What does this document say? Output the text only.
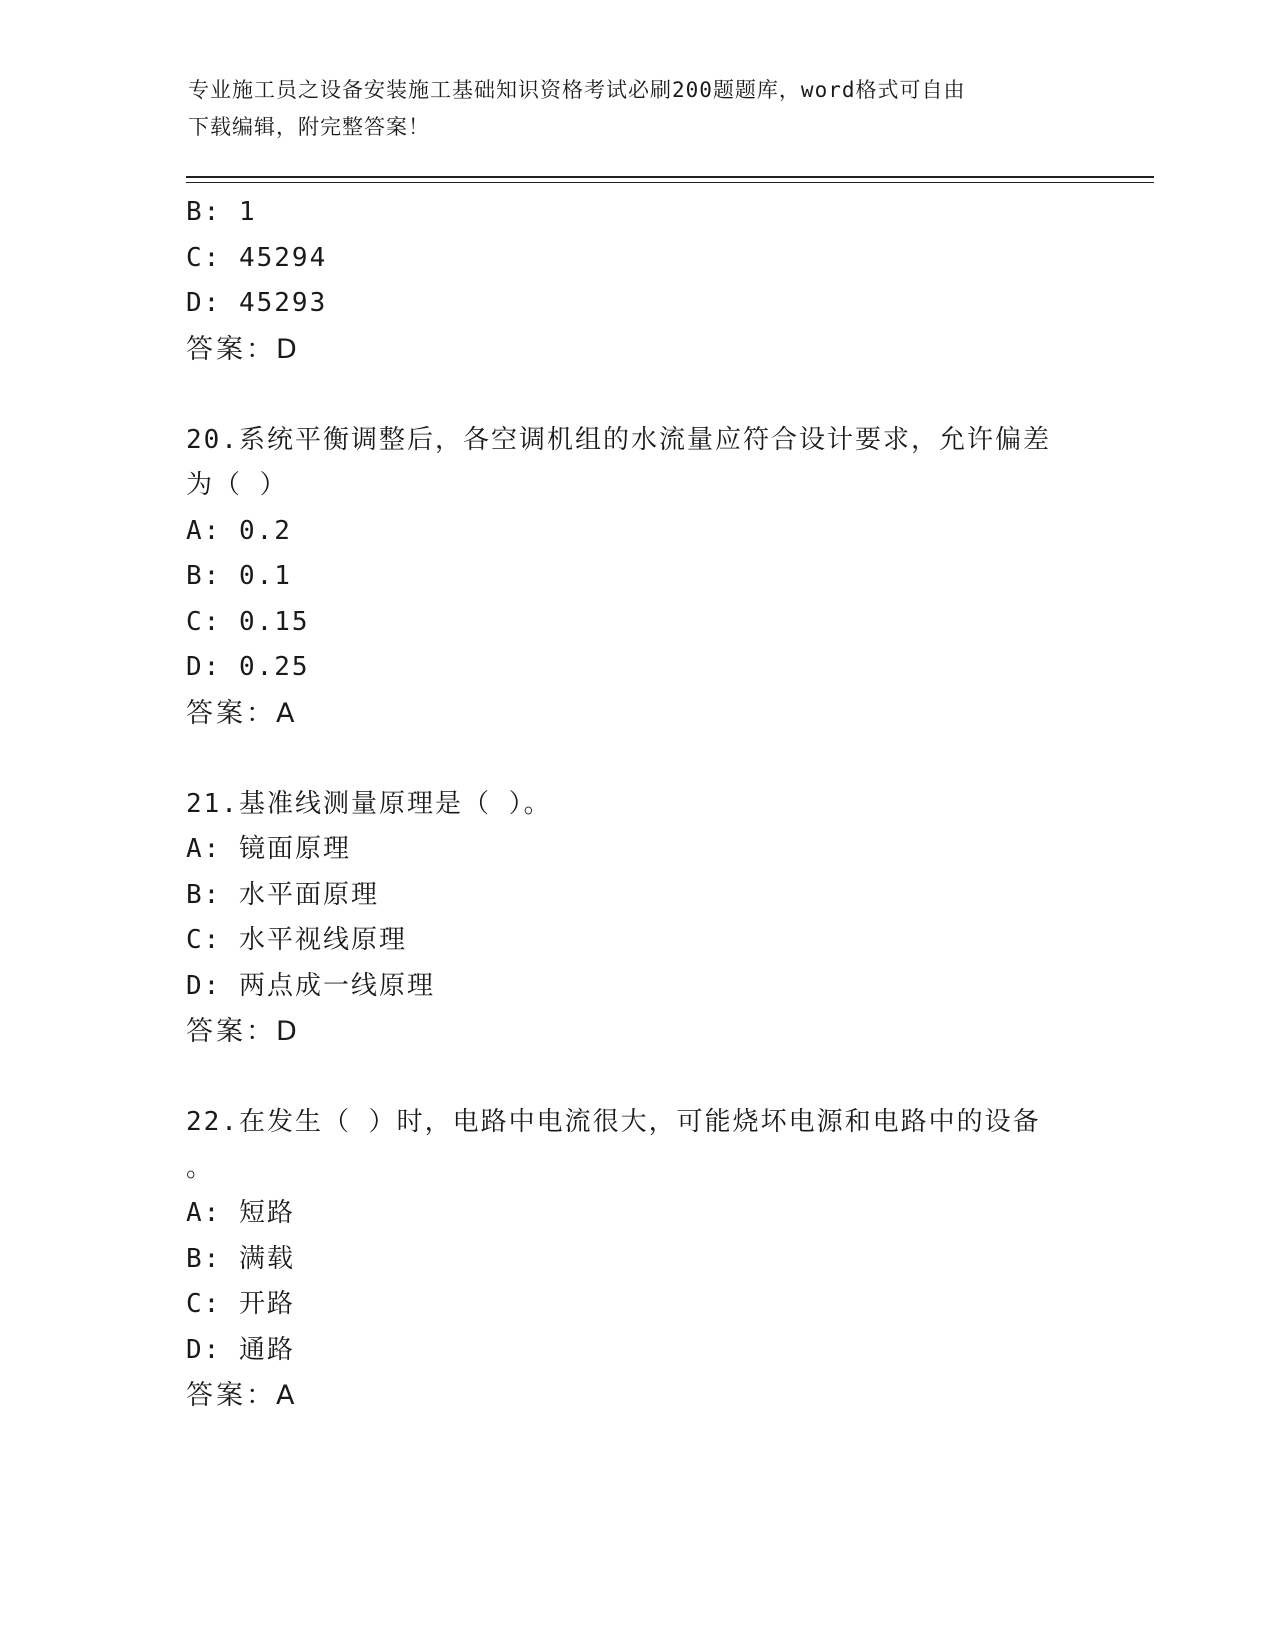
专业施工员之设备安装施工基础知识资格考试必刷200题题库，word格式可自由
下载编辑，附完整答案！
B: 1
C: 45294
D: 45293
答案：D
20.系统平衡调整后，各空调机组的水流量应符合设计要求，允许偏差
为（ ）
A: 0.2
B: 0.1
C: 0.15
D: 0.25
答案：A
21.基准线测量原理是（ ）。
A: 镜面原理
B: 水平面原理
C: 水平视线原理
D: 两点成一线原理
答案：D
22.在发生（ ）时，电路中电流很大，可能烧坏电源和电路中的设备
。
A: 短路
B: 满载
C: 开路
D: 通路
答案：A
